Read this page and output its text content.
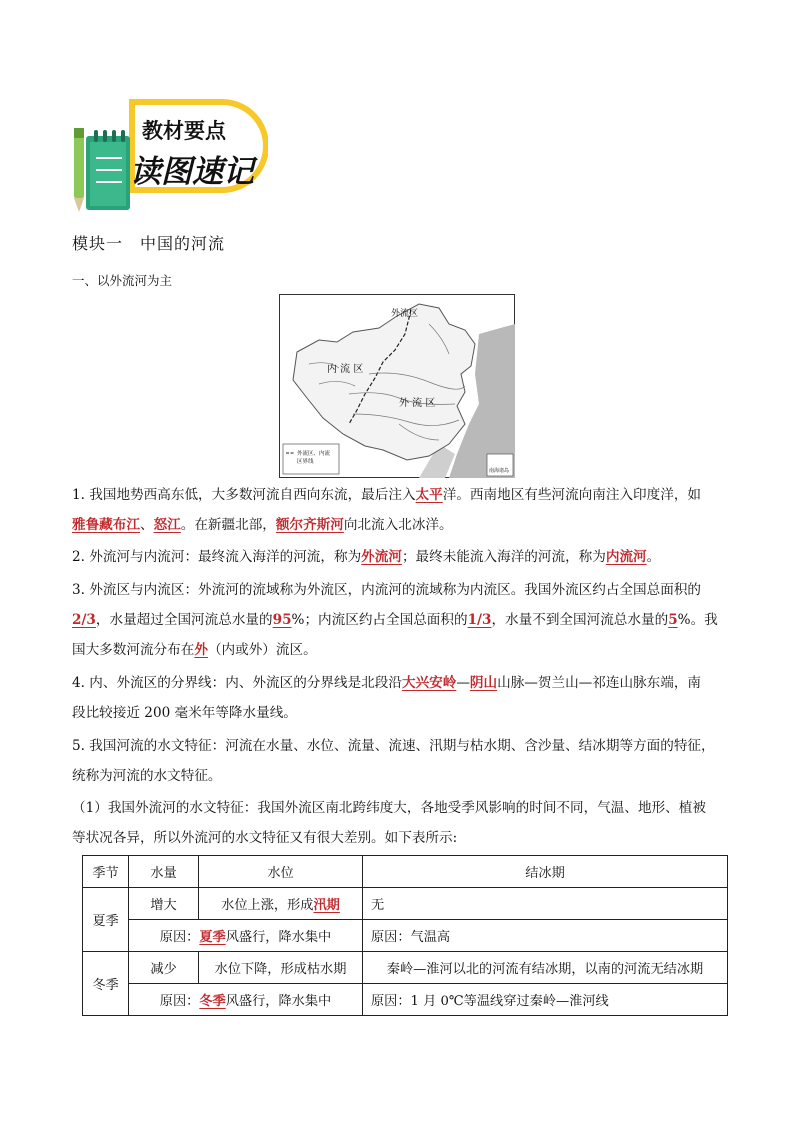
教材要点
读图速记
模块一　中国的河流
一、以外流河为主
外流区
内 流 区
外 流 区
外流区、内流
区界线
南海诸岛
1. 我国地势西高东低，大多数河流自西向东流，最后注入太平洋。西南地区有些河流向南注入印度洋，如
雅鲁藏布江、怒江。在新疆北部，额尔齐斯河向北流入北冰洋。
2. 外流河与内流河：最终流入海洋的河流，称为外流河；最终未能流入海洋的河流，称为内流河。
3. 外流区与内流区：外流河的流域称为外流区，内流河的流域称为内流区。我国外流区约占全国总面积的
2/3，水量超过全国河流总水量的95%；内流区约占全国总面积的1/3，水量不到全国河流总水量的5%。我
国大多数河流分布在外（内或外）流区。
4. 内、外流区的分界线：内、外流区的分界线是北段沿大兴安岭—阴山山脉—贺兰山—祁连山脉东端，南
段比较接近 200 毫米年等降水量线。
5. 我国河流的水文特征：河流在水量、水位、流量、流速、汛期与枯水期、含沙量、结冰期等方面的特征，
统称为河流的水文特征。
（1）我国外流河的水文特征：我国外流区南北跨纬度大，各地受季风影响的时间不同，气温、地形、植被
等状况各异，所以外流河的水文特征又有很大差别。如下表所示:
季节	水量	水位	结冰期
夏季	增大	水位上涨，形成汛期	无
	原因：夏季风盛行，降水集中		原因：气温高
冬季	减少	水位下降，形成枯水期	秦岭—淮河以北的河流有结冰期，以南的河流无结冰期
	原因：冬季风盛行，降水集中		原因：1 月 0℃等温线穿过秦岭—淮河线
